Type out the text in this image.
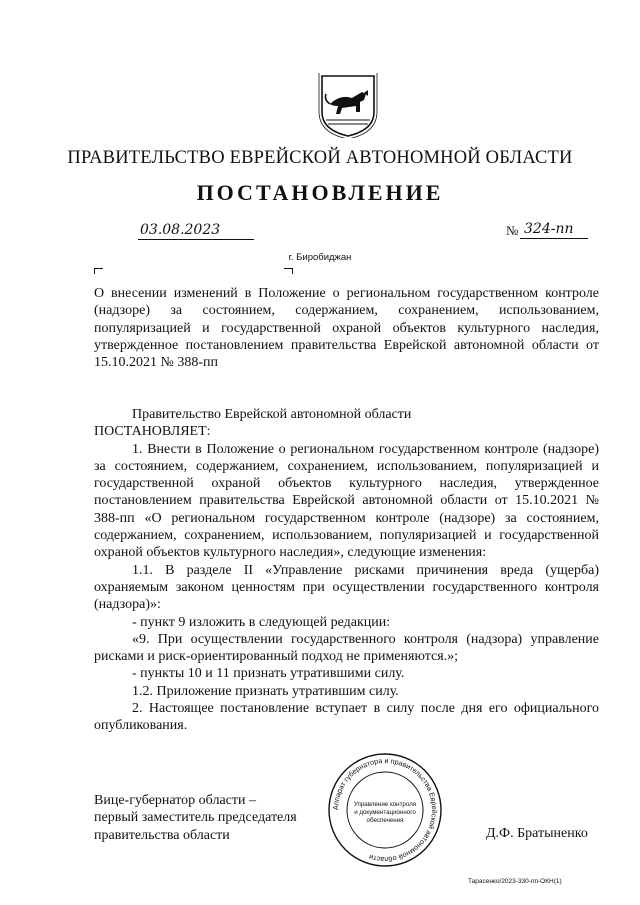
ПРАВИТЕЛЬСТВО ЕВРЕЙСКОЙ АВТОНОМНОЙ ОБЛАСТИ
ПОСТАНОВЛЕНИЕ
03.08.2023	№ 324-пп
г. Биробиджан
О внесении изменений в Положение о региональном государственном контроле (надзоре) за состоянием, содержанием, сохранением, использованием, популяризацией и государственной охраной объектов культурного наследия, утвержденное постановлением правительства Еврейской автономной области от 15.10.2021 № 388-пп
Правительство Еврейской автономной области
ПОСТАНОВЛЯЕТ:
1. Внести в Положение о региональном государственном контроле (надзоре) за состоянием, содержанием, сохранением, использованием, популяризацией и государственной охраной объектов культурного наследия, утвержденное постановлением правительства Еврейской автономной области от 15.10.2021 № 388-пп «О региональном государственном контроле (надзоре) за состоянием, содержанием, сохранением, использованием, популяризацией и государственной охраной объектов культурного наследия», следующие изменения:
1.1. В разделе II «Управление рисками причинения вреда (ущерба) охраняемым законом ценностям при осуществлении государственного контроля (надзора)»:
- пункт 9 изложить в следующей редакции:
«9. При осуществлении государственного контроля (надзора) управление рисками и риск-ориентированный подход не применяются.»;
- пункты 10 и 11 признать утратившими силу.
1.2. Приложение признать утратившим силу.
2. Настоящее постановление вступает в силу после дня его официального опубликования.
Вице-губернатор области –
первый заместитель председателя
правительства области	Д.Ф. Братыненко
Аппарат губернатора и правительства Еврейской автономной области
Управление контроля
и документационного
обеспечения
Тарасенко/2023-330-пп-ОКН(1)
